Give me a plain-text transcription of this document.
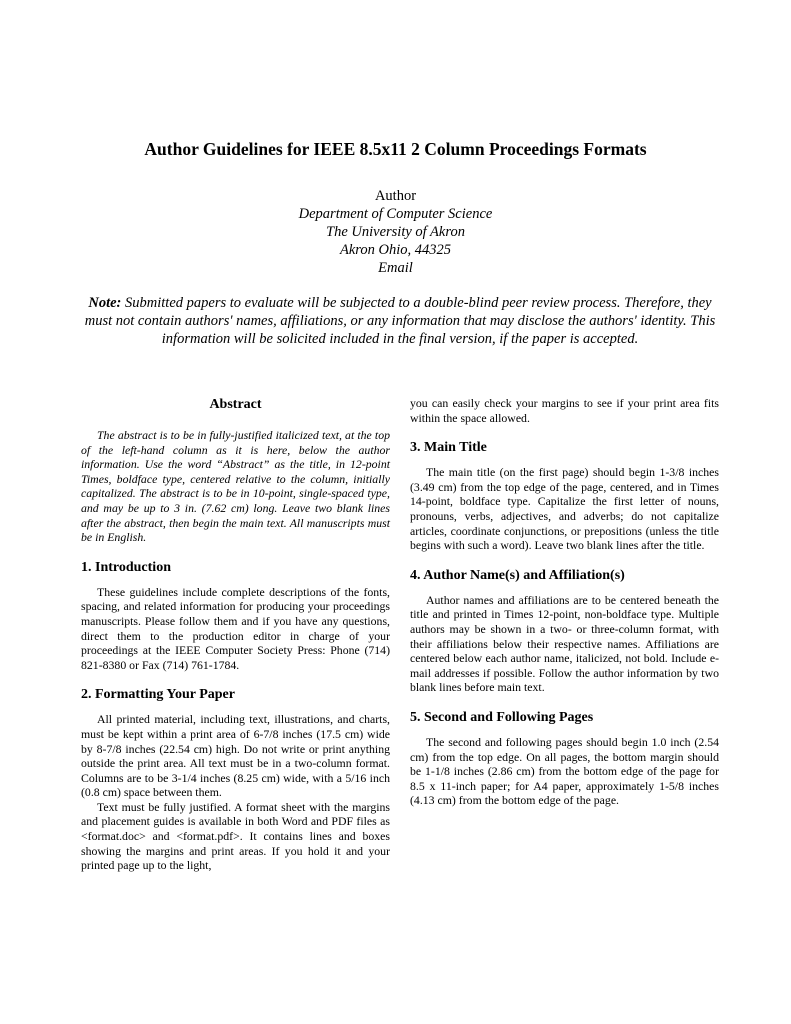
Author Guidelines for IEEE 8.5x11 2 Column Proceedings Formats
Author
Department of Computer Science
The University of Akron
Akron Ohio, 44325
Email
Note: Submitted papers to evaluate will be subjected to a double-blind peer review process. Therefore, they must not contain authors' names, affiliations, or any information that may disclose the authors' identity. This information will be solicited included in the final version, if the paper is accepted.
Abstract

The abstract is to be in fully-justified italicized text, at the top of the left-hand column as it is here, below the author information. Use the word “Abstract” as the title, in 12-point Times, boldface type, centered relative to the column, initially capitalized. The abstract is to be in 10-point, single-spaced type, and may be up to 3 in. (7.62 cm) long. Leave two blank lines after the abstract, then begin the main text. All manuscripts must be in English.

1. Introduction

These guidelines include complete descriptions of the fonts, spacing, and related information for producing your proceedings manuscripts. Please follow them and if you have any questions, direct them to the production editor in charge of your proceedings at the IEEE Computer Society Press: Phone (714) 821-8380 or Fax (714) 761-1784.

2. Formatting Your Paper

All printed material, including text, illustrations, and charts, must be kept within a print area of 6-7/8 inches (17.5 cm) wide by 8-7/8 inches (22.54 cm) high. Do not write or print anything outside the print area. All text must be in a two-column format. Columns are to be 3-1/4 inches (8.25 cm) wide, with a 5/16 inch (0.8 cm) space between them.

Text must be fully justified. A format sheet with the margins and placement guides is available in both Word and PDF files as <format.doc> and <format.pdf>. It contains lines and boxes showing the margins and print areas. If you hold it and your printed page up to the light,

you can easily check your margins to see if your print area fits within the space allowed.

3. Main Title

The main title (on the first page) should begin 1-3/8 inches (3.49 cm) from the top edge of the page, centered, and in Times 14-point, boldface type. Capitalize the first letter of nouns, pronouns, verbs, adjectives, and adverbs; do not capitalize articles, coordinate conjunctions, or prepositions (unless the title begins with such a word). Leave two blank lines after the title.

4. Author Name(s) and Affiliation(s)

Author names and affiliations are to be centered beneath the title and printed in Times 12-point, non-boldface type. Multiple authors may be shown in a two- or three-column format, with their affiliations below their respective names. Affiliations are centered below each author name, italicized, not bold. Include e-mail addresses if possible. Follow the author information by two blank lines before main text.

5. Second and Following Pages

The second and following pages should begin 1.0 inch (2.54 cm) from the top edge. On all pages, the bottom margin should be 1-1/8 inches (2.86 cm) from the bottom edge of the page for 8.5 x 11-inch paper; for A4 paper, approximately 1-5/8 inches (4.13 cm) from the bottom edge of the page.
